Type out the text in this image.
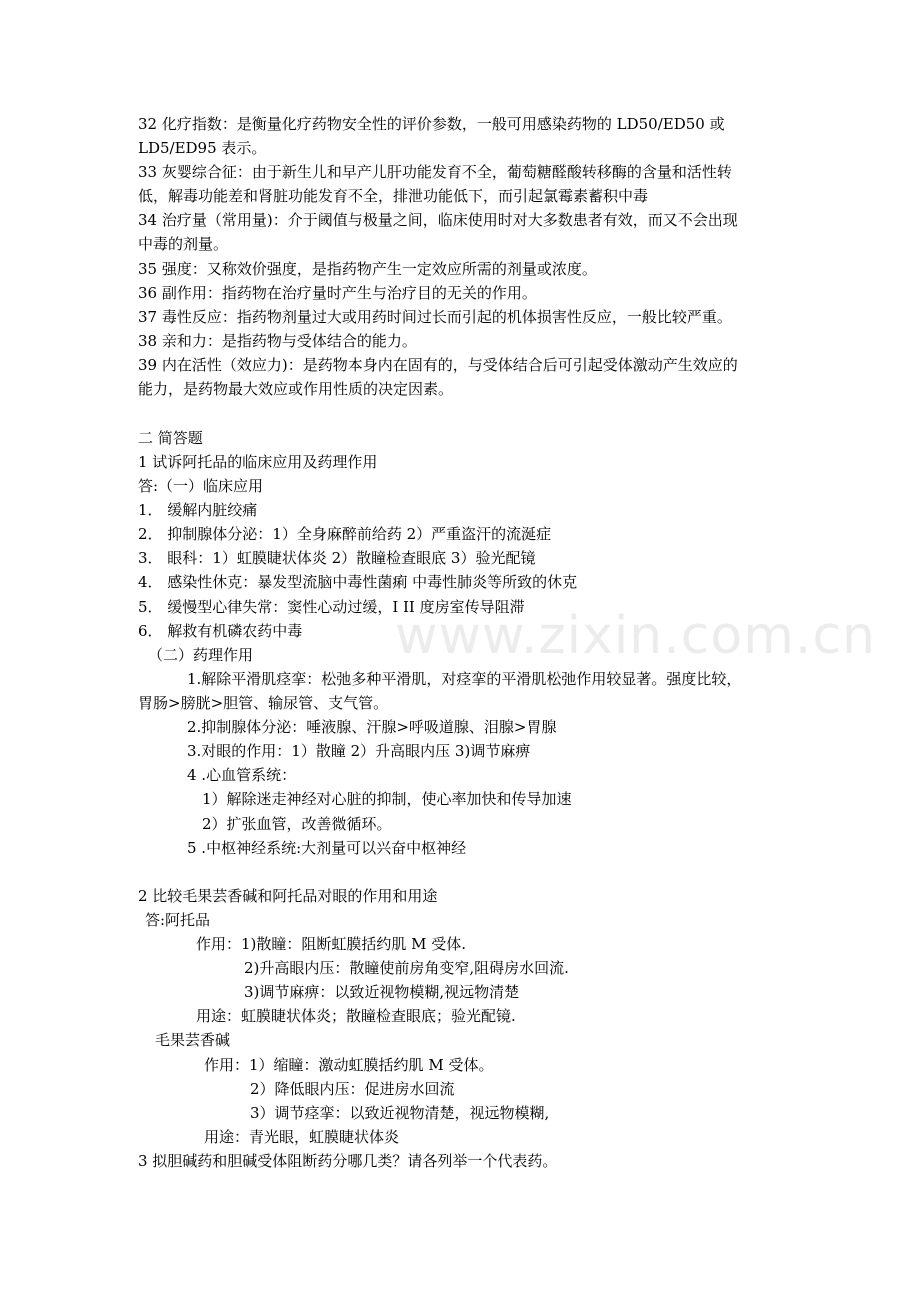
www.zixin.com.cn
32 化疗指数：是衡量化疗药物安全性的评价参数，一般可用感染药物的 LD50/ED50 或
LD5/ED95 表示。
33 灰婴综合征：由于新生儿和早产儿肝功能发育不全，葡萄糖醛酸转移酶的含量和活性转
低，解毒功能差和肾脏功能发育不全，排泄功能低下，而引起氯霉素蓄积中毒
34 治疗量（常用量)：介于阈值与极量之间，临床使用时对大多数患者有效，而又不会出现
中毒的剂量。
35 强度：又称效价强度，是指药物产生一定效应所需的剂量或浓度。
36 副作用：指药物在治疗量时产生与治疗目的无关的作用。
37 毒性反应：指药物剂量过大或用药时间过长而引起的机体损害性反应，一般比较严重。
38 亲和力：是指药物与受体结合的能力。
39 内在活性（效应力)：是药物本身内在固有的，与受体结合后可引起受体激动产生效应的
能力，是药物最大效应或作用性质的决定因素。
二 简答题
1 试诉阿托品的临床应用及药理作用
答:（一）临床应用
1． 缓解内脏绞痛
2． 抑制腺体分泌：1）全身麻醉前给药 2）严重盗汗的流涎症
3． 眼科：1）虹膜睫状体炎 2）散瞳检查眼底 3）验光配镜
4． 感染性休克：暴发型流脑中毒性菌痢 中毒性肺炎等所致的休克
5． 缓慢型心律失常：窦性心动过缓，I II 度房室传导阻滞
6． 解救有机磷农药中毒
（二）药理作用
1.解除平滑肌痉挛：松弛多种平滑肌，对痉挛的平滑肌松弛作用较显著。强度比较，
胃肠>膀胱>胆管、输尿管、支气管。
2.抑制腺体分泌：唾液腺、汗腺>呼吸道腺、泪腺>胃腺
3.对眼的作用：1）散瞳 2）升高眼内压 3)调节麻痹
4 .心血管系统：
1）解除迷走神经对心脏的抑制，使心率加快和传导加速
2）扩张血管，改善微循环。
5 .中枢神经系统:大剂量可以兴奋中枢神经
2 比较毛果芸香碱和阿托品对眼的作用和用途
答:阿托品
作用：1)散瞳：阻断虹膜括约肌 M 受体.
2)升高眼内压：散瞳使前房角变窄,阻碍房水回流.
3)调节麻痹：以致近视物模糊,视远物清楚
用途：虹膜睫状体炎；散瞳检查眼底；验光配镜.
毛果芸香碱
作用：1）缩瞳：激动虹膜括约肌 M 受体。
2）降低眼内压：促进房水回流
3）调节痉挛：以致近视物清楚，视远物模糊,
用途：青光眼，虹膜睫状体炎
3 拟胆碱药和胆碱受体阻断药分哪几类？请各列举一个代表药。
